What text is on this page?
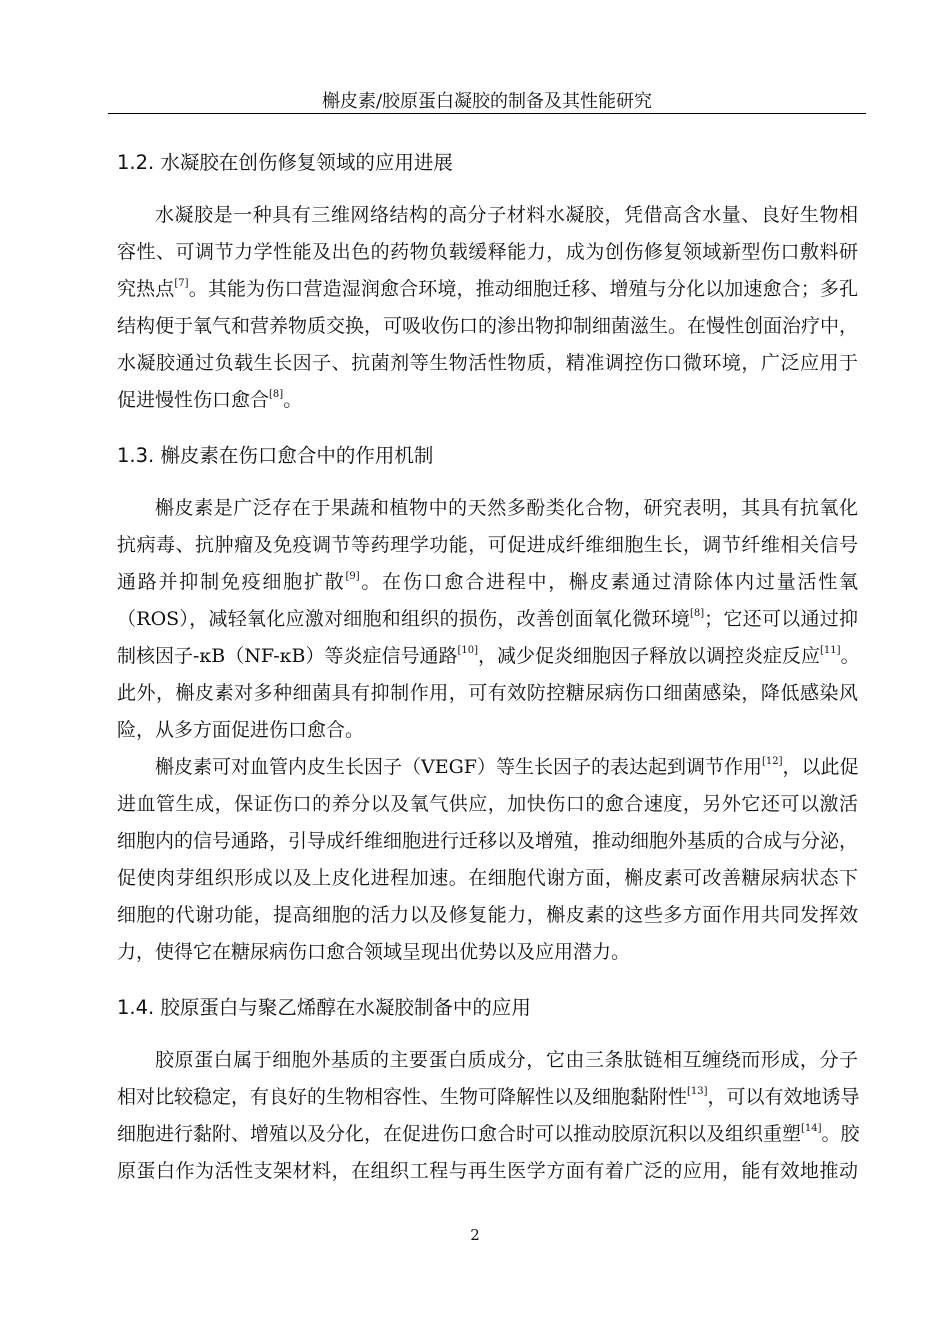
槲皮素/胶原蛋白凝胶的制备及其性能研究
1.2. 水凝胶在创伤修复领域的应用进展
水凝胶是一种具有三维网络结构的高分子材料水凝胶，凭借高含水量、良好生物相
容性、可调节力学性能及出色的药物负载缓释能力，成为创伤修复领域新型伤口敷料研
究热点[7]。其能为伤口营造湿润愈合环境，推动细胞迁移、增殖与分化以加速愈合；多孔
结构便于氧气和营养物质交换，可吸收伤口的渗出物抑制细菌滋生。在慢性创面治疗中，
水凝胶通过负载生长因子、抗菌剂等生物活性物质，精准调控伤口微环境，广泛应用于
促进慢性伤口愈合[8]。
1.3. 槲皮素在伤口愈合中的作用机制
槲皮素是广泛存在于果蔬和植物中的天然多酚类化合物，研究表明，其具有抗氧化
抗病毒、抗肿瘤及免疫调节等药理学功能，可促进成纤维细胞生长，调节纤维相关信号
通路并抑制免疫细胞扩散[9]。在伤口愈合进程中，槲皮素通过清除体内过量活性氧
（ROS），减轻氧化应激对细胞和组织的损伤，改善创面氧化微环境[8]；它还可以通过抑
制核因子-κB（NF-κB）等炎症信号通路[10]，减少促炎细胞因子释放以调控炎症反应[11]。
此外，槲皮素对多种细菌具有抑制作用，可有效防控糖尿病伤口细菌感染，降低感染风
险，从多方面促进伤口愈合。
槲皮素可对血管内皮生长因子（VEGF）等生长因子的表达起到调节作用[12]，以此促
进血管生成，保证伤口的养分以及氧气供应，加快伤口的愈合速度，另外它还可以激活
细胞内的信号通路，引导成纤维细胞进行迁移以及增殖，推动细胞外基质的合成与分泌，
促使肉芽组织形成以及上皮化进程加速。在细胞代谢方面，槲皮素可改善糖尿病状态下
细胞的代谢功能，提高细胞的活力以及修复能力，槲皮素的这些多方面作用共同发挥效
力，使得它在糖尿病伤口愈合领域呈现出优势以及应用潜力。
1.4. 胶原蛋白与聚乙烯醇在水凝胶制备中的应用
胶原蛋白属于细胞外基质的主要蛋白质成分，它由三条肽链相互缠绕而形成，分子
相对比较稳定，有良好的生物相容性、生物可降解性以及细胞黏附性[13]，可以有效地诱导
细胞进行黏附、增殖以及分化，在促进伤口愈合时可以推动胶原沉积以及组织重塑[14]。胶
原蛋白作为活性支架材料，在组织工程与再生医学方面有着广泛的应用，能有效地推动
2
